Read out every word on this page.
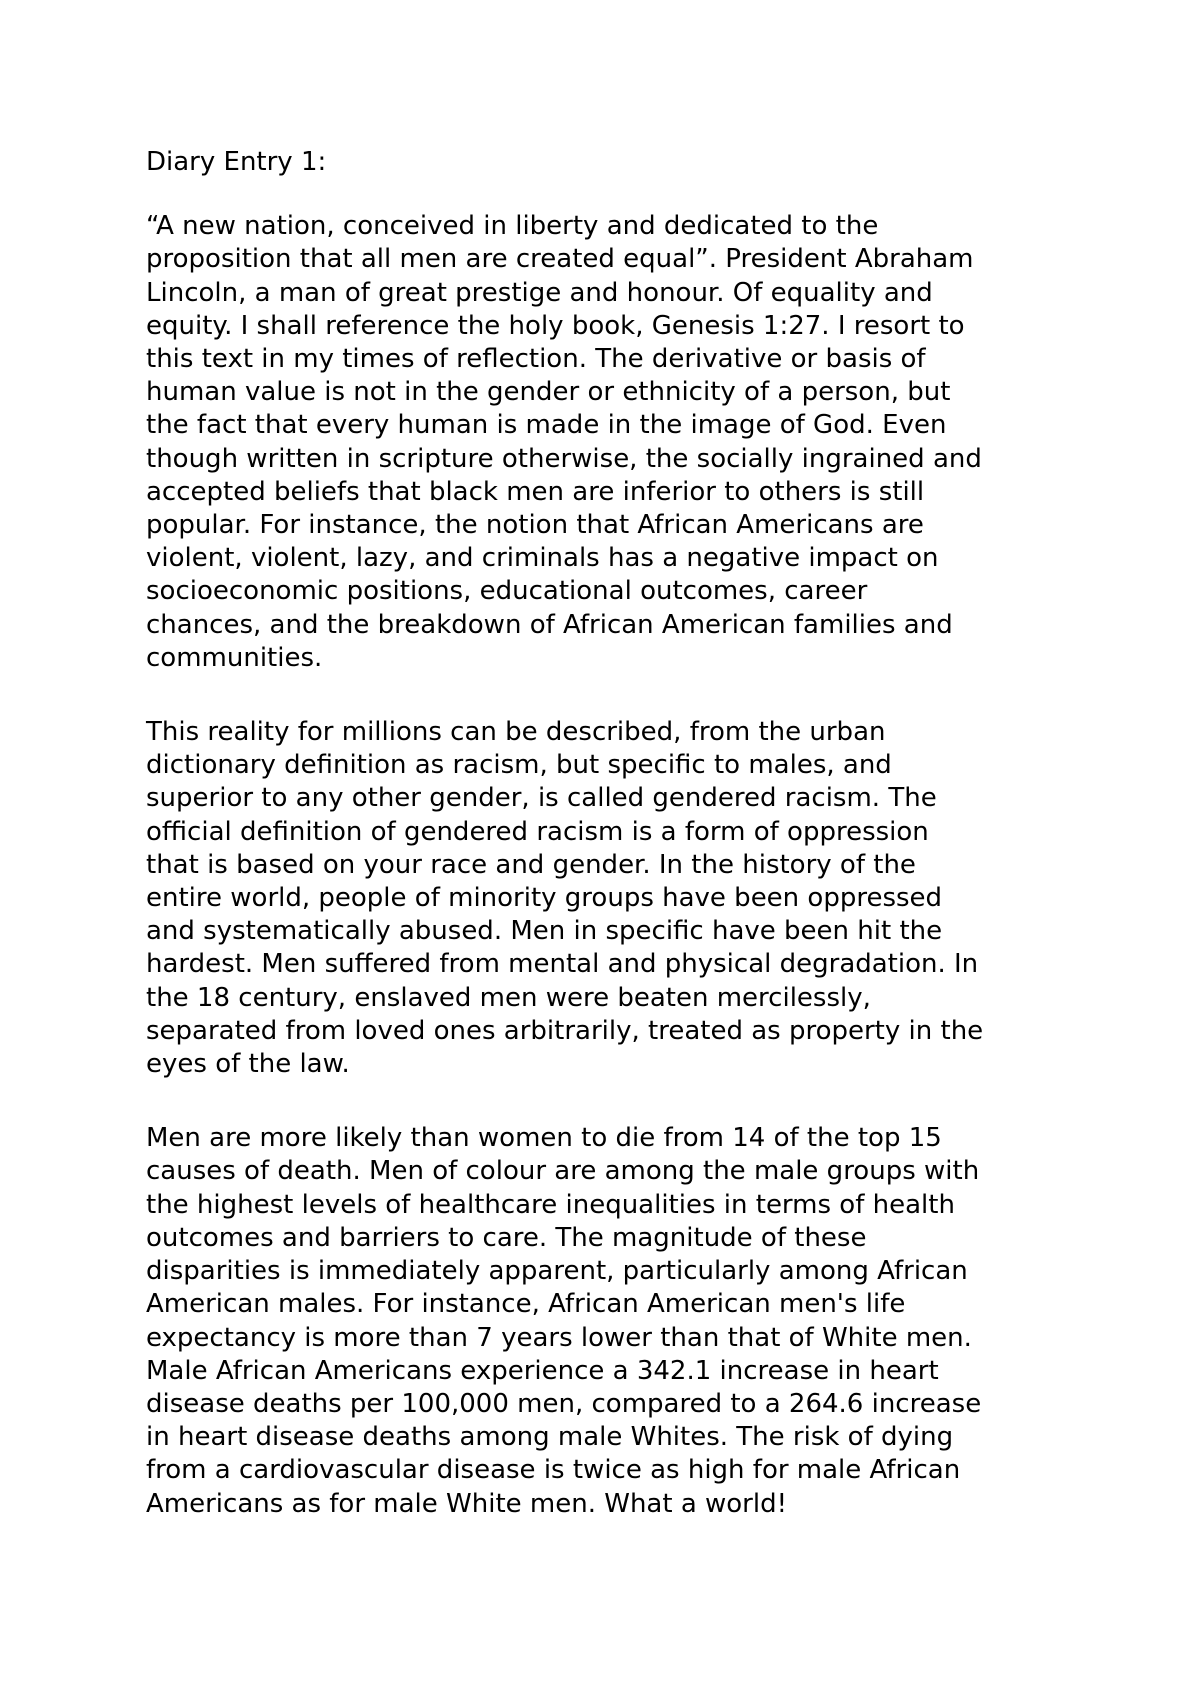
Diary Entry 1:
“A new nation, conceived in liberty and dedicated to the
proposition that all men are created equal”. President Abraham
Lincoln, a man of great prestige and honour. Of equality and
equity. I shall reference the holy book, Genesis 1:27. I resort to
this text in my times of reflection. The derivative or basis of
human value is not in the gender or ethnicity of a person, but
the fact that every human is made in the image of God. Even
though written in scripture otherwise, the socially ingrained and
accepted beliefs that black men are inferior to others is still
popular. For instance, the notion that African Americans are
violent, violent, lazy, and criminals has a negative impact on
socioeconomic positions, educational outcomes, career
chances, and the breakdown of African American families and
communities.
This reality for millions can be described, from the urban
dictionary definition as racism, but specific to males, and
superior to any other gender, is called gendered racism. The
official definition of gendered racism is a form of oppression
that is based on your race and gender. In the history of the
entire world, people of minority groups have been oppressed
and systematically abused. Men in specific have been hit the
hardest. Men suffered from mental and physical degradation. In
the 18 century, enslaved men were beaten mercilessly,
separated from loved ones arbitrarily, treated as property in the
eyes of the law.
Men are more likely than women to die from 14 of the top 15
causes of death. Men of colour are among the male groups with
the highest levels of healthcare inequalities in terms of health
outcomes and barriers to care. The magnitude of these
disparities is immediately apparent, particularly among African
American males. For instance, African American men's life
expectancy is more than 7 years lower than that of White men.
Male African Americans experience a 342.1 increase in heart
disease deaths per 100,000 men, compared to a 264.6 increase
in heart disease deaths among male Whites. The risk of dying
from a cardiovascular disease is twice as high for male African
Americans as for male White men. What a world!
